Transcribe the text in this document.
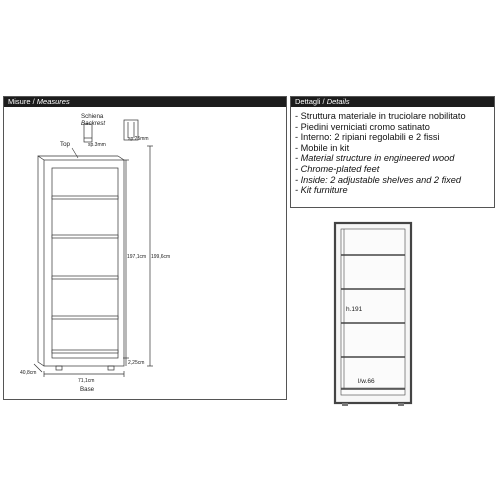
Misure / Measures
Schiena
Backrest
Top	sp.3mm
sp.25mm
197,1cm 199,6cm
2,25cm
40,8cm
71,1cm
Base
Dettagli / Details
- Struttura materiale in truciolare nobilitato
- Piedini verniciati cromo satinato
- Interno: 2 ripiani regolabili e 2 fissi
- Mobile in kit
- Material structure in engineered wood
- Chrome-plated feet
- Inside: 2 adjustable shelves and 2 fixed
- Kit furniture
h.191
l/w.66
